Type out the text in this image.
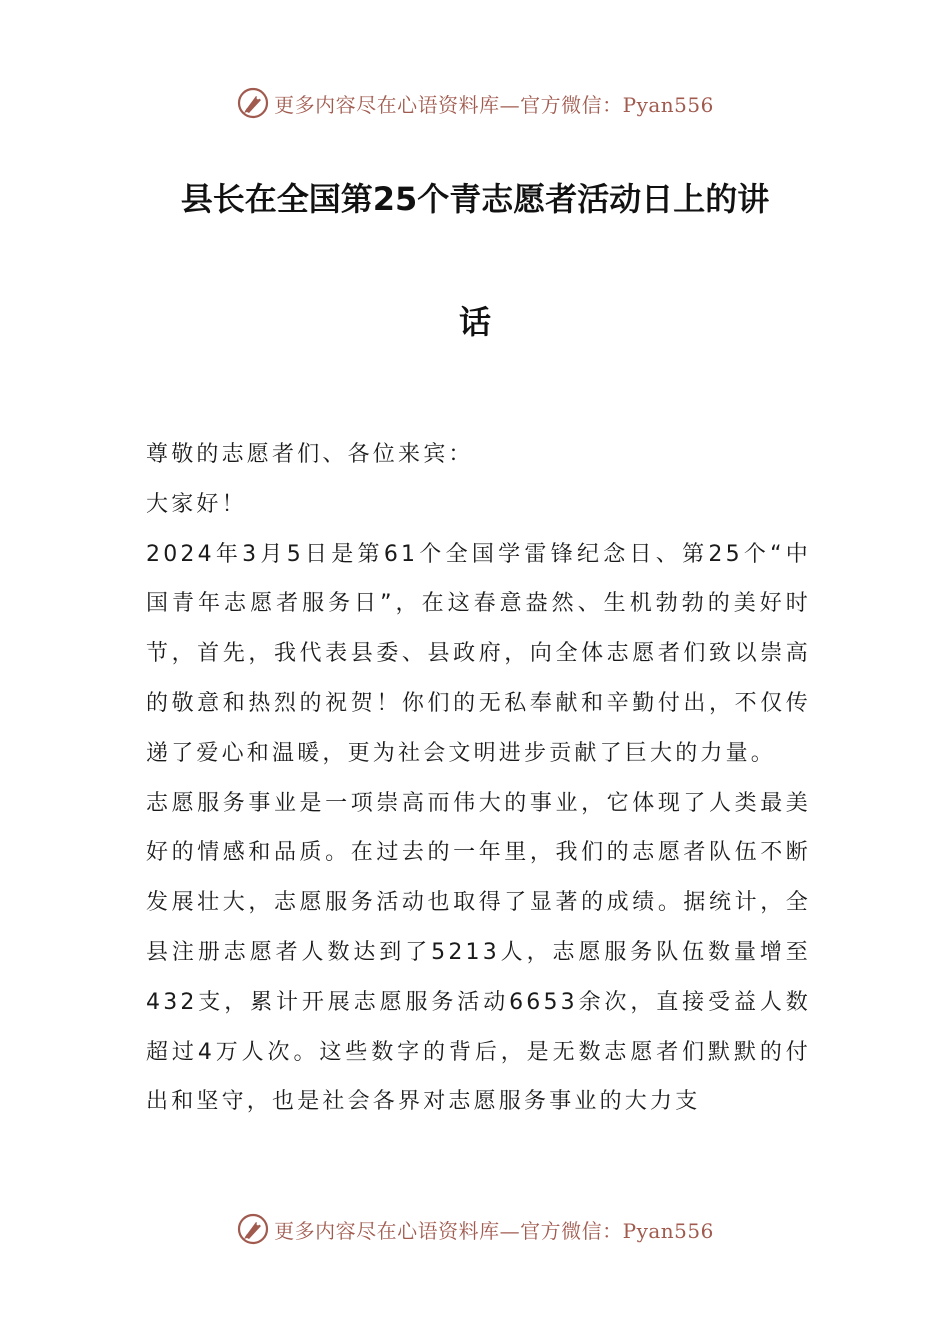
更多内容尽在心语资料库—官方微信：Pyan556
县长在全国第25个青志愿者活动日上的讲
话

尊敬的志愿者们、各位来宾：

大家好！

2024年3月5日是第61个全国学雷锋纪念日、第25个“中国青年志愿者服务日”，在这春意盎然、生机勃勃的美好时节，首先，我代表县委、县政府，向全体志愿者们致以崇高的敬意和热烈的祝贺！你们的无私奉献和辛勤付出，不仅传递了爱心和温暖，更为社会文明进步贡献了巨大的力量。

志愿服务事业是一项崇高而伟大的事业，它体现了人类最美好的情感和品质。在过去的一年里，我们的志愿者队伍不断发展壮大，志愿服务活动也取得了显著的成绩。据统计，全县注册志愿者人数达到了5213人，志愿服务队伍数量增至432支，累计开展志愿服务活动6653余次，直接受益人数超过4万人次。这些数字的背后，是无数志愿者们默默的付出和坚守，也是社会各界对志愿服务事业的大力支

更多内容尽在心语资料库—官方微信：Pyan556
